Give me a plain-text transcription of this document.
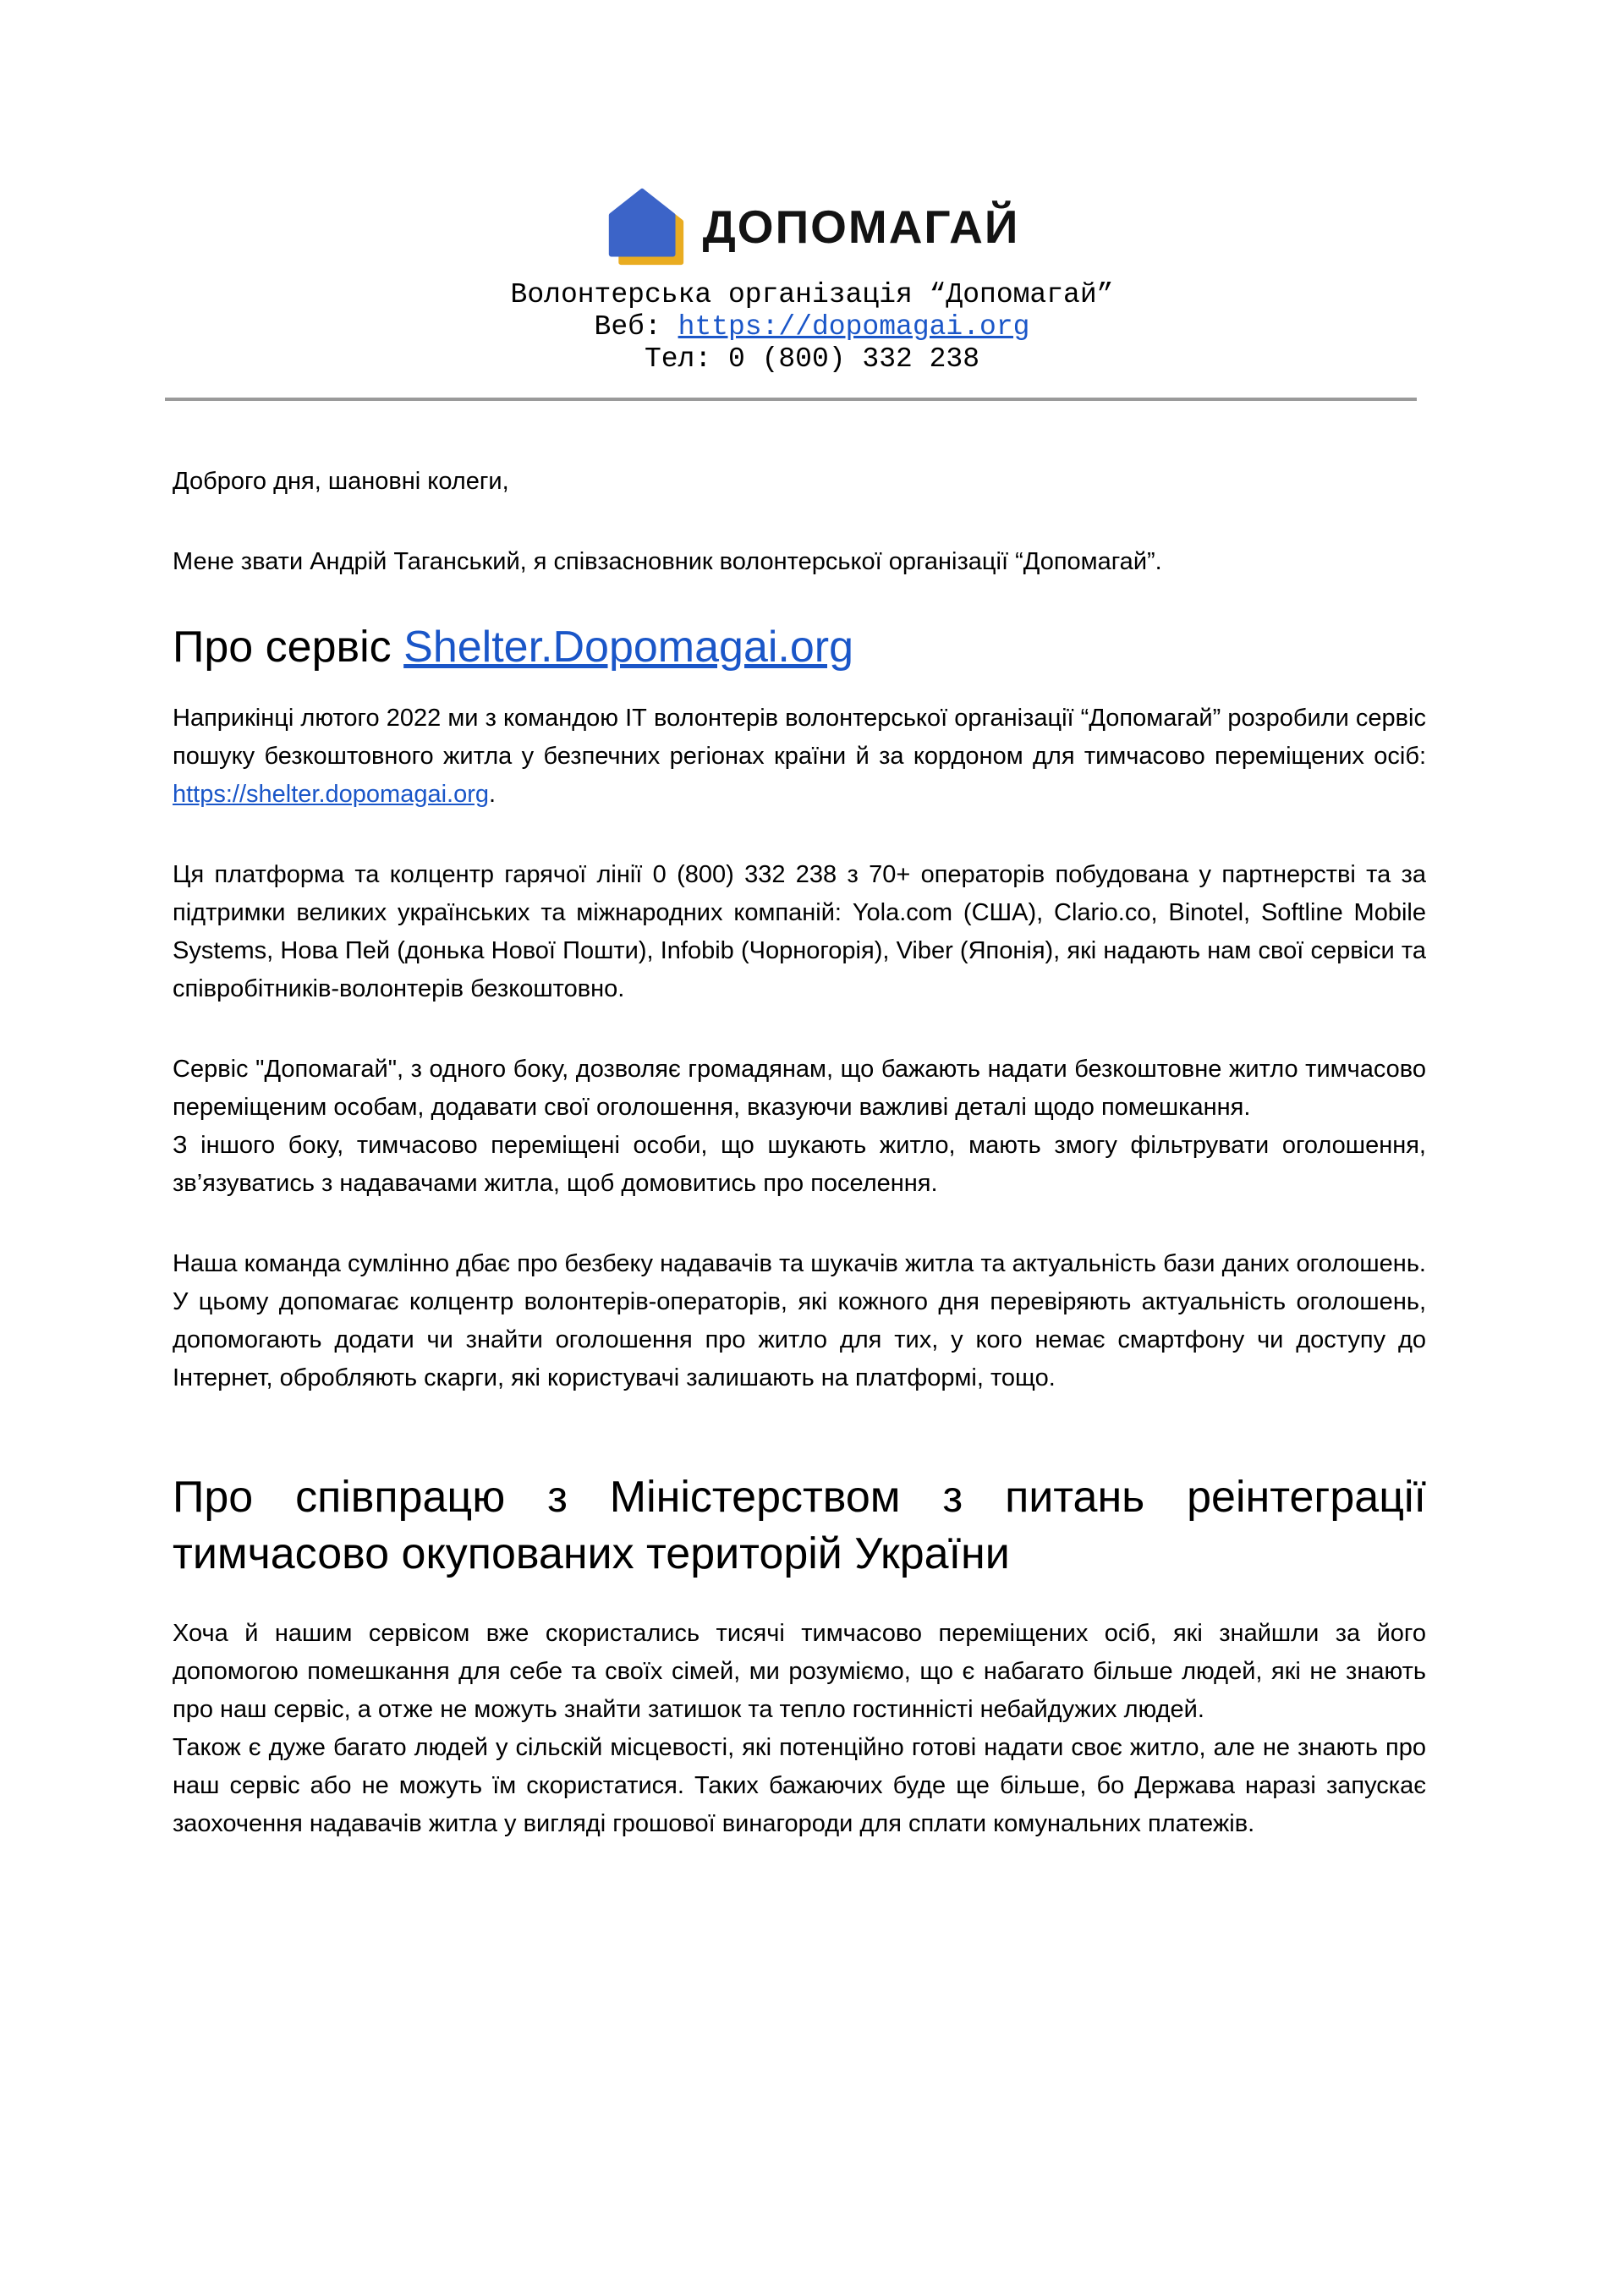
ДОПОМАГАЙ
Волонтерська організація “Допомагай”
Веб: https://dopomagai.org
Тел: 0 (800) 332 238
Доброго дня, шановні колеги,
Мене звати Андрій Таганський, я співзасновник волонтерської організації “Допомагай”.
Про сервіс Shelter.Dopomagai.org
Наприкінці лютого 2022 ми з командою ІТ волонтерів волонтерської організації “Допомагай” розробили сервіс пошуку безкоштовного житла у безпечних регіонах країни й за кордоном для тимчасово переміщених осіб: https://shelter.dopomagai.org.
Ця платформа та колцентр гарячої лінії 0 (800) 332 238 з 70+ операторів побудована у партнерстві та за підтримки великих українських та міжнародних компаній: Yola.com (США), Clario.co, Binotel, Softline Mobile Systems, Нова Пей (донька Нової Пошти), Infobib (Чорногорія), Viber (Японія), які надають нам свої сервіси та співробітників-волонтерів безкоштовно.
Сервіс "Допомагай", з одного боку, дозволяє громадянам, що бажають надати безкоштовне житло тимчасово переміщеним особам, додавати свої оголошення, вказуючи важливі деталі щодо помешкання.
З іншого боку, тимчасово переміщені особи, що шукають житло, мають змогу фільтрувати оголошення, зв’язуватись з надавачами житла, щоб домовитись про поселення.
Наша команда сумлінно дбає про безбеку надавачів та шукачів житла та актуальність бази даних оголошень. У цьому допомагає колцентр волонтерів-операторів, які кожного дня перевіряють актуальність оголошень, допомогають додати чи знайти оголошення про житло для тих, у кого немає смартфону чи доступу до Інтернет, обробляють скарги, які користувачі залишають на платформі, тощо.
Про співпрацю з Міністерством з питань реінтеграції тимчасово окупованих територій України
Хоча й нашим сервісом вже скористались тисячі тимчасово переміщених осіб, які знайшли за його допомогою помешкання для себе та своїх сімей, ми розуміємо, що є набагато більше людей, які не знають про наш сервіс, а отже не можуть знайти затишок та тепло гостинністі небайдужих людей.
Також є дуже багато людей у сільскій місцевості, які потенційно готові надати своє житло, але не знають про наш сервіс або не можуть їм скористатися. Таких бажаючих буде ще більше, бо Держава наразі запускає заохочення надавачів житла у вигляді грошової винагороди для сплати комунальних платежів.
